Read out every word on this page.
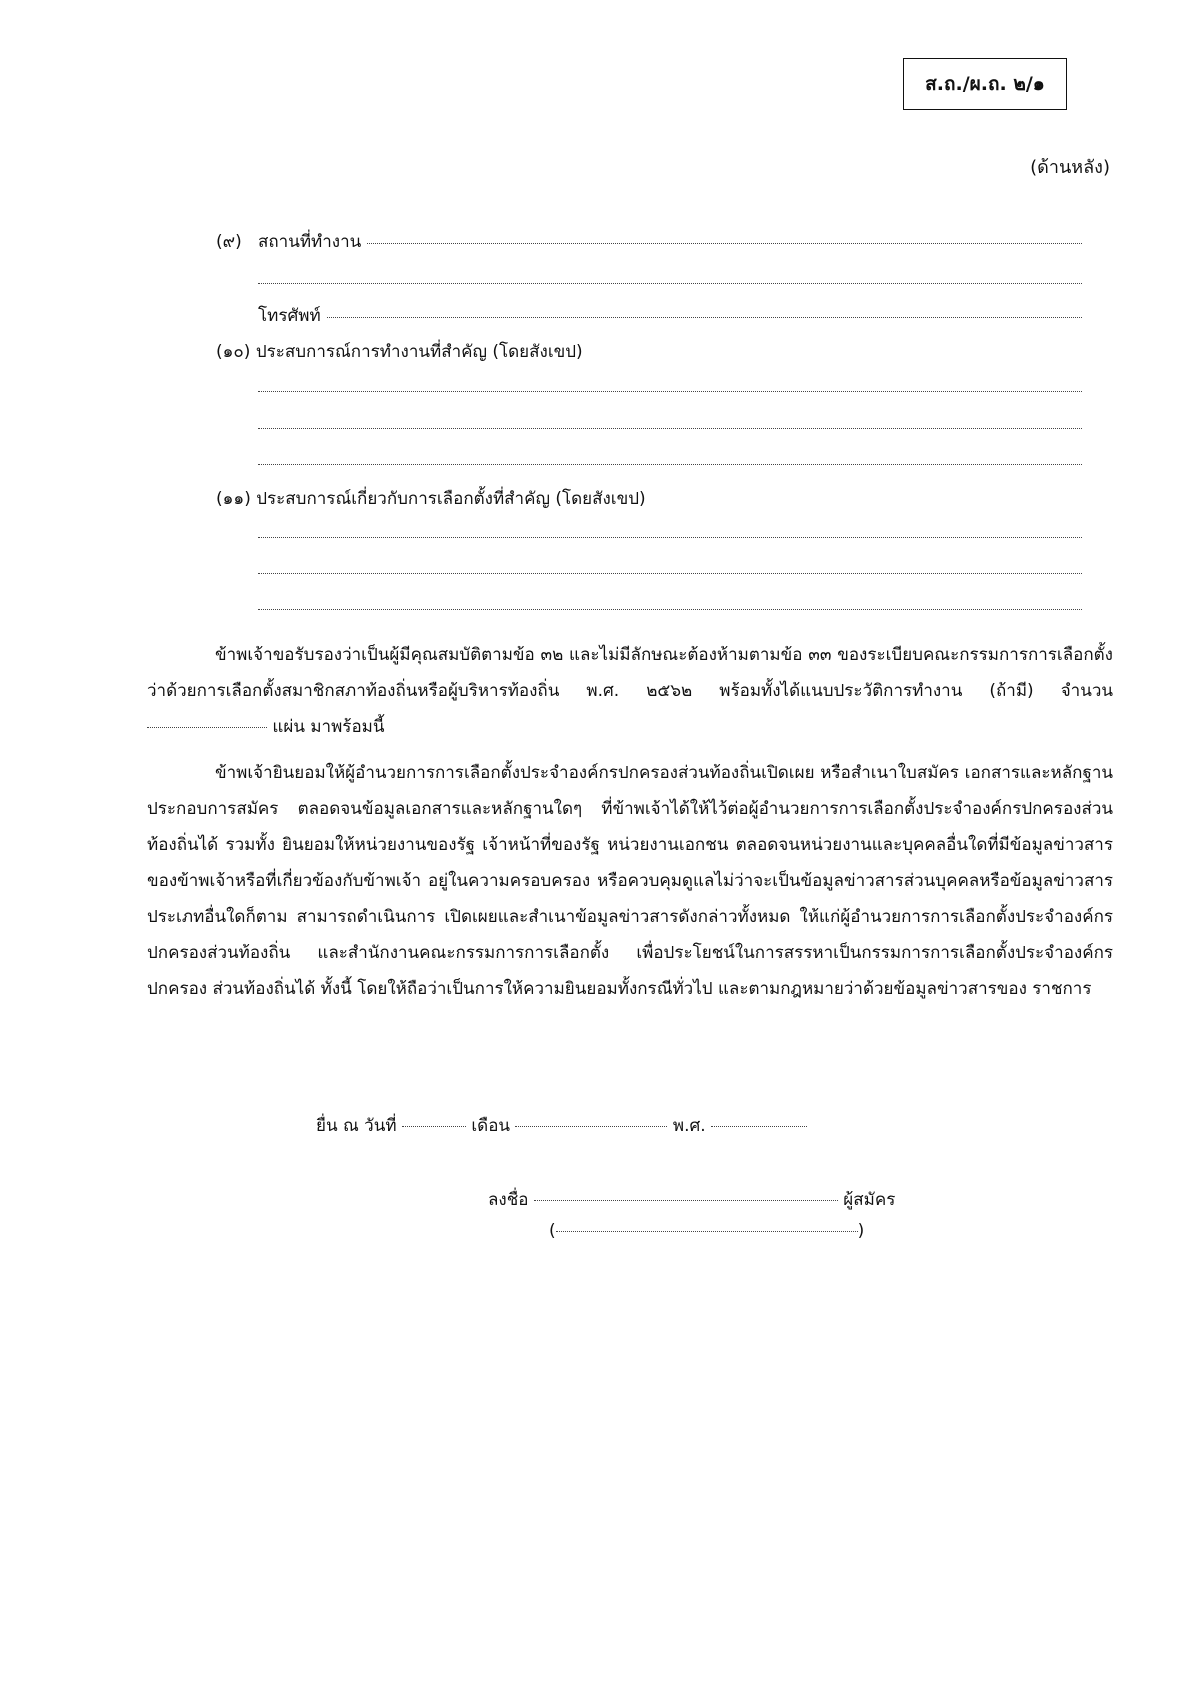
ส.ถ./ผ.ถ. ๒/๑
(ด้านหลัง)
(๙) สถานที่ทำงาน
โทรศัพท์
(๑๐) ประสบการณ์การทำงานที่สำคัญ (โดยสังเขป)
(๑๑) ประสบการณ์เกี่ยวกับการเลือกตั้งที่สำคัญ (โดยสังเขป)
ข้าพเจ้าขอรับรองว่าเป็นผู้มีคุณสมบัติตามข้อ ๓๒ และไม่มีลักษณะต้องห้ามตามข้อ ๓๓ ของระเบียบคณะกรรมการการเลือกตั้งว่าด้วยการเลือกตั้งสมาชิกสภาท้องถิ่นหรือผู้บริหารท้องถิ่น พ.ศ. ๒๕๖๒ พร้อมทั้งได้แนบประวัติการทำงาน (ถ้ามี) จำนวน  แผ่น มาพร้อมนี้
ข้าพเจ้ายินยอมให้ผู้อำนวยการการเลือกตั้งประจำองค์กรปกครองส่วนท้องถิ่นเปิดเผย หรือสำเนาใบสมัคร เอกสารและหลักฐานประกอบการสมัคร ตลอดจนข้อมูลเอกสารและหลักฐานใดๆ ที่ข้าพเจ้าได้ให้ไว้ต่อผู้อำนวยการการเลือกตั้งประจำองค์กรปกครองส่วนท้องถิ่นได้ รวมทั้ง ยินยอมให้หน่วยงานของรัฐ เจ้าหน้าที่ของรัฐ หน่วยงานเอกชน ตลอดจนหน่วยงานและบุคคลอื่นใดที่มีข้อมูลข่าวสารของข้าพเจ้าหรือที่เกี่ยวข้องกับข้าพเจ้า อยู่ในความครอบครอง หรือควบคุมดูแลไม่ว่าจะเป็นข้อมูลข่าวสารส่วนบุคคลหรือข้อมูลข่าวสารประเภทอื่นใดก็ตาม สามารถดำเนินการ เปิดเผยและสำเนาข้อมูลข่าวสารดังกล่าวทั้งหมด ให้แก่ผู้อำนวยการการเลือกตั้งประจำองค์กรปกครองส่วนท้องถิ่น และสำนักงานคณะกรรมการการเลือกตั้ง เพื่อประโยชน์ในการสรรหาเป็นกรรมการการเลือกตั้งประจำองค์กรปกครอง ส่วนท้องถิ่นได้ ทั้งนี้ โดยให้ถือว่าเป็นการให้ความยินยอมทั้งกรณีทั่วไป และตามกฎหมายว่าด้วยข้อมูลข่าวสารของ ราชการ
ยื่น ณ วันที่	เดือน	พ.ศ.
ลงชื่อ	ผู้สมัคร
(	)
